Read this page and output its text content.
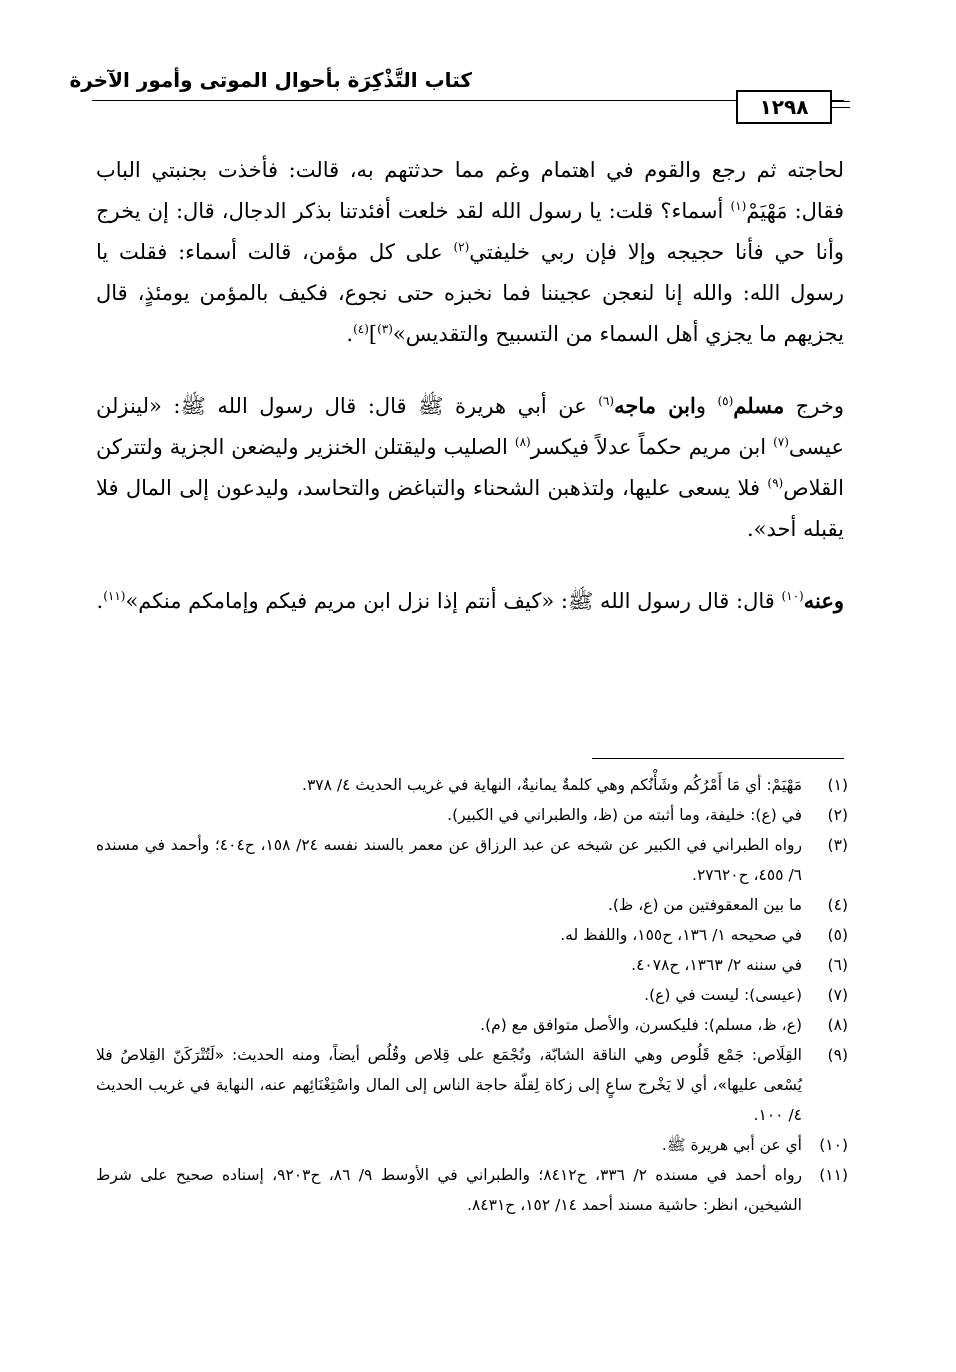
كتاب التَّذْكِرَة بأحوال الموتى وأمور الآخرة
١٢٩٨

لحاجته ثم رجع والقوم في اهتمام وغم مما حدثتهم به، قالت: فأخذت بجنبتي الباب فقال: مَهْيَمْ$^{(١)}$ أسماء؟ قلت: يا رسول الله لقد خلعت أفئدتنا بذكر الدجال، قال: إن يخرج وأنا حي فأنا حجيجه وإلا فإن ربي خليفتي$^{(٢)}$ على كل مؤمن، قالت أسماء: فقلت يا رسول الله: والله إنا لنعجن عجيننا فما نخبزه حتى نجوع، فكيف بالمؤمن يومئذٍ، قال يجزيهم ما يجزي أهل السماء من التسبيح والتقديس»$^{(٣)}$]$^{(٤)}$.

وخرج مسلم$^{(٥)}$ وابن ماجه$^{(٦)}$ عن أبي هريرة ﷺ قال: قال رسول الله ﷺ: «لينزلن عيسى$^{(٧)}$ ابن مريم حكماً عدلاً فيكسر$^{(٨)}$ الصليب وليقتلن الخنزير وليضعن الجزية ولتتركن القلاص$^{(٩)}$ فلا يسعى عليها، ولتذهبن الشحناء والتباغض والتحاسد، وليدعون إلى المال فلا يقبله أحد».

وعنه$^{(١٠)}$ قال: قال رسول الله ﷺ: «كيف أنتم إذا نزل ابن مريم فيكم وإمامكم منكم»$^{(١١)}$.

(١)
مَهْيَمْ: أي مَا أَمْرُكُم وشَأْنُكم وهي كلمةٌ يمانيةٌ، النهاية في غريب الحديث ٤/ ٣٧٨.
(٢)
في (ع): خليفة، وما أثبته من (ظ، والطبراني في الكبير).
(٣)
رواه الطبراني في الكبير عن شيخه عن عبد الرزاق عن معمر بالسند نفسه ٢٤/ ١٥٨، ح٤٠٤؛ وأحمد في مسنده ٦/ ٤٥٥، ح٢٧٦٢٠.
(٤)
ما بين المعقوفتين من (ع، ظ).
(٥)
في صحيحه ١/ ١٣٦، ح١٥٥، واللفظ له.
(٦)
في سننه ٢/ ١٣٦٣، ح٤٠٧٨.
(٧)
(عيسى): ليست في (ع).
(٨)
(ع، ظ، مسلم): فليكسرن، والأصل متوافق مع (م).
(٩)
القِلَاص: جَمْع قَلُوص وهي الناقة الشابّة، وتُجْمَع على قِلاص وقُلُص أيضاً، ومنه الحديث: «لَتُتْرَكَنّ القِلاصُ فلا يُسْعى عليها»، أي لا يَخْرج ساعٍ إلى زكاة لِقلّة حاجة الناس إلى المال واسْتِغْنَائِهم عنه، النهاية في غريب الحديث ٤/ ١٠٠.
(١٠)
أي عن أبي هريرة ﷺ.
(١١)
رواه أحمد في مسنده ٢/ ٣٣٦، ح٨٤١٢؛ والطبراني في الأوسط ٩/ ٨٦، ح٩٢٠٣، إسناده صحيح على شرط الشيخين، انظر: حاشية مسند أحمد ١٤/ ١٥٢، ح٨٤٣١.
